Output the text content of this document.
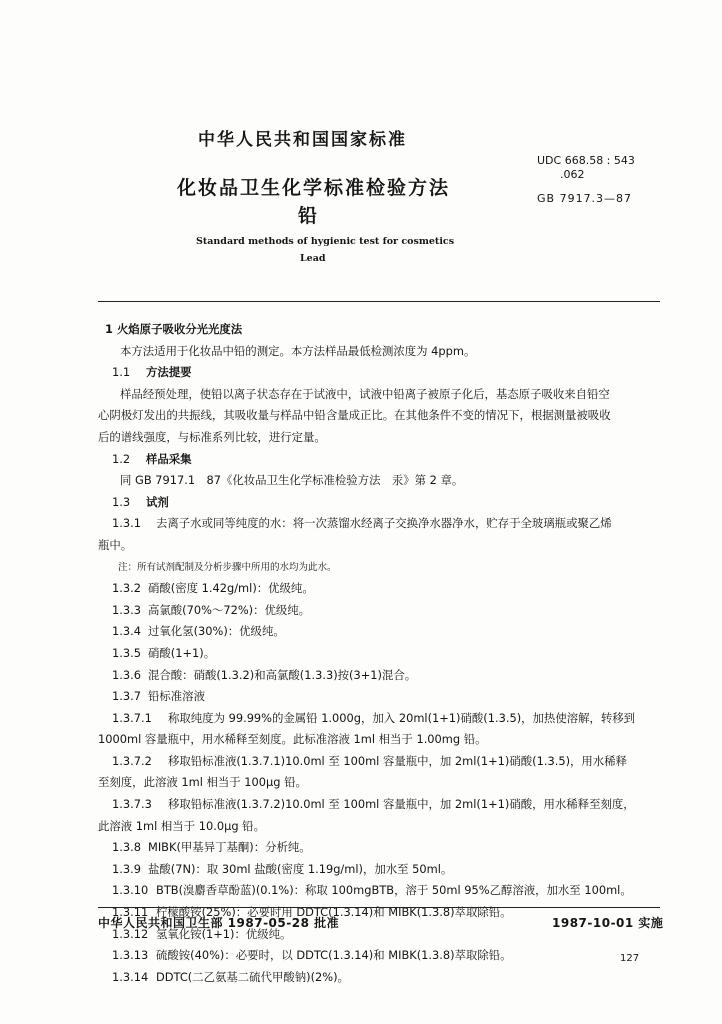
中华人民共和国国家标准
UDC 668.58 : 543
.062
GB 7917.3—87
化妆品卫生化学标准检验方法
铅
Standard methods of hygienic test for cosmetics
Lead

1 火焰原子吸收分光光度法

本方法适用于化妆品中铅的测定。本方法样品最低检测浓度为 4ppm。

1.1 方法提要

样品经预处理，使铅以离子状态存在于试液中，试液中铅离子被原子化后，基态原子吸收来自铅空

心阴极灯发出的共振线，其吸收量与样品中铅含量成正比。在其他条件不变的情况下，根据测量被吸收

后的谱线强度，与标准系列比较，进行定量。

1.2 样品采集

同 GB 7917.1　87《化妆品卫生化学标准检验方法　汞》第 2 章。

1.3 试剂

1.3.1 去离子水或同等纯度的水：将一次蒸馏水经离子交换净水器净水，贮存于全玻璃瓶或聚乙烯

瓶中。

注：所有试剂配制及分析步骤中所用的水均为此水。

1.3.2 硝酸(密度 1.42g/ml)：优级纯。

1.3.3 高氯酸(70%～72%)：优级纯。

1.3.4 过氧化氢(30%)：优级纯。

1.3.5 硝酸(1+1)。

1.3.6 混合酸：硝酸(1.3.2)和高氯酸(1.3.3)按(3+1)混合。

1.3.7 铅标准溶液

1.3.7.1 称取纯度为 99.99%的金属铅 1.000g，加入 20ml(1+1)硝酸(1.3.5)，加热使溶解，转移到

1000ml 容量瓶中，用水稀释至刻度。此标准溶液 1ml 相当于 1.00mg 铅。

1.3.7.2 移取铅标准液(1.3.7.1)10.0ml 至 100ml 容量瓶中，加 2ml(1+1)硝酸(1.3.5)，用水稀释

至刻度，此溶液 1ml 相当于 100μg 铅。

1.3.7.3 移取铅标准液(1.3.7.2)10.0ml 至 100ml 容量瓶中，加 2ml(1+1)硝酸，用水稀释至刻度，

此溶液 1ml 相当于 10.0μg 铅。

1.3.8 MIBK(甲基异丁基酮)：分析纯。

1.3.9 盐酸(7N)：取 30ml 盐酸(密度 1.19g/ml)，加水至 50ml。

1.3.10 BTB(溴麝香草酚蓝)(0.1%)：称取 100mgBTB，溶于 50ml 95%乙醇溶液，加水至 100ml。

1.3.11 柠檬酸铵(25%)：必要时用 DDTC(1.3.14)和 MIBK(1.3.8)萃取除铅。

1.3.12 氢氧化铵(1+1)：优级纯。

1.3.13 硫酸铵(40%)：必要时，以 DDTC(1.3.14)和 MIBK(1.3.8)萃取除铅。

1.3.14 DDTC(二乙氨基二硫代甲酸钠)(2%)。

中华人民共和国卫生部 1987-05-28 批准	1987-10-01 实施
127
